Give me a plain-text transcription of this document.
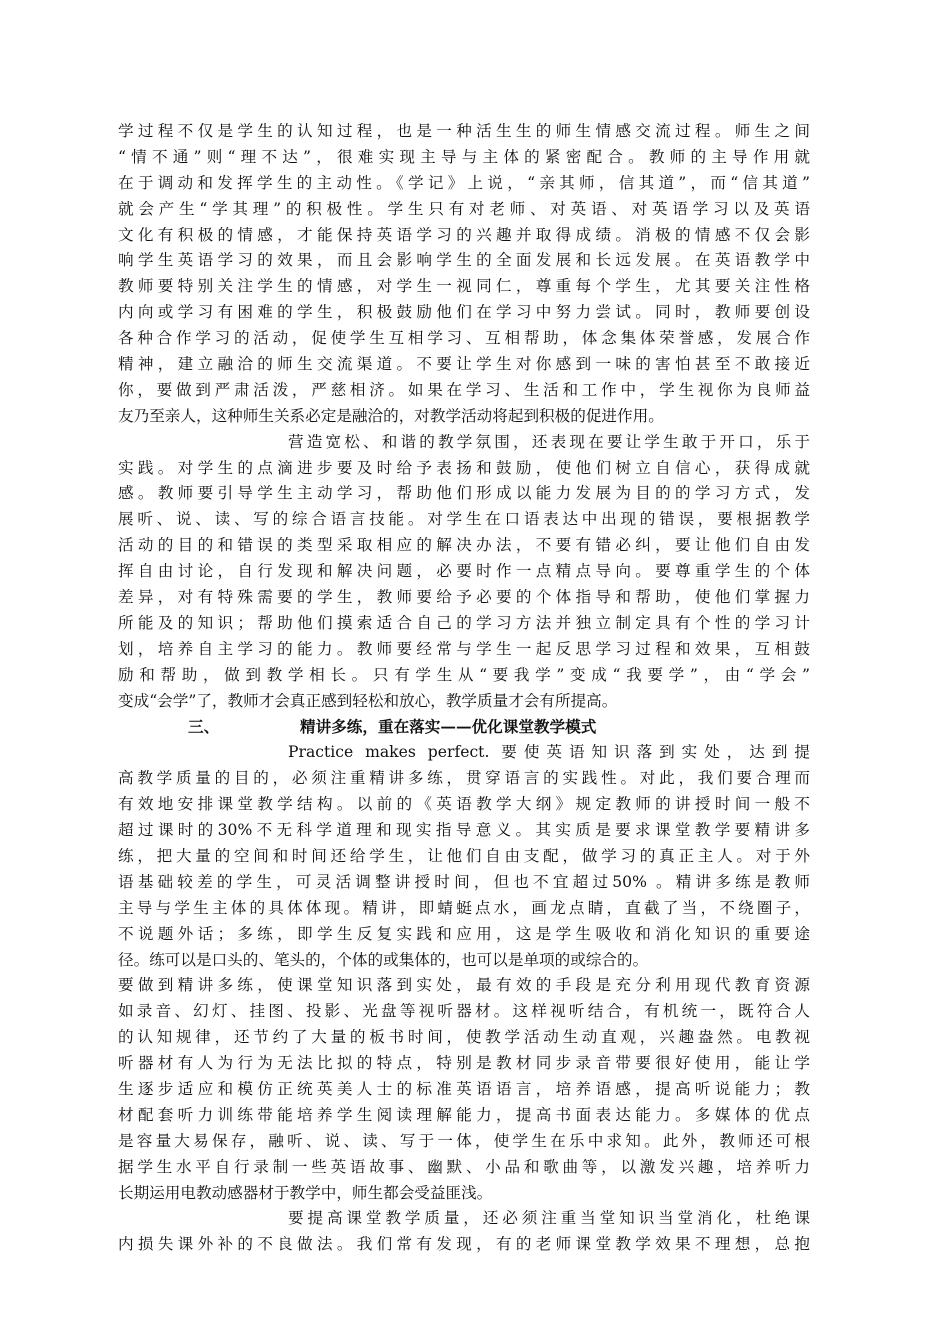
学过程不仅是学生的认知过程，也是一种活生生的师生情感交流过程。师生之间
“情不通”则“理不达”，很难实现主导与主体的紧密配合。教师的主导作用就
在于调动和发挥学生的主动性。《学记》上说，“亲其师，信其道”，而“信其道”
就会产生“学其理”的积极性。学生只有对老师、对英语、对英语学习以及英语
文化有积极的情感，才能保持英语学习的兴趣并取得成绩。消极的情感不仅会影
响学生英语学习的效果，而且会影响学生的全面发展和长远发展。在英语教学中
教师要特别关注学生的情感，对学生一视同仁，尊重每个学生，尤其要关注性格
内向或学习有困难的学生，积极鼓励他们在学习中努力尝试。同时，教师要创设
各种合作学习的活动，促使学生互相学习、互相帮助，体念集体荣誉感，发展合作
精神，建立融洽的师生交流渠道。不要让学生对你感到一味的害怕甚至不敢接近
你，要做到严肃活泼，严慈相济。如果在学习、生活和工作中，学生视你为良师益
友乃至亲人，这种师生关系必定是融洽的，对教学活动将起到积极的促进作用。
营造宽松、和谐的教学氛围，还表现在要让学生敢于开口，乐于
实践。对学生的点滴进步要及时给予表扬和鼓励，使他们树立自信心，获得成就
感。教师要引导学生主动学习，帮助他们形成以能力发展为目的的学习方式，发
展听、说、读、写的综合语言技能。对学生在口语表达中出现的错误，要根据教学
活动的目的和错误的类型采取相应的解决办法，不要有错必纠，要让他们自由发
挥自由讨论，自行发现和解决问题，必要时作一点精点导向。要尊重学生的个体
差异，对有特殊需要的学生，教师要给予必要的个体指导和帮助，使他们掌握力
所能及的知识；帮助他们摸索适合自己的学习方法并独立制定具有个性的学习计
划，培养自主学习的能力。教师要经常与学生一起反思学习过程和效果，互相鼓
励和帮助，做到教学相长。只有学生从“要我学”变成“我要学”，由“学会”
变成“会学”了，教师才会真正感到轻松和放心，教学质量才会有所提高。
三、	精讲多练，重在落实——优化课堂教学模式
Practice makes perfect. 要使英语知识落到实处，达到提
高教学质量的目的，必须注重精讲多练，贯穿语言的实践性。对此，我们要合理而
有效地安排课堂教学结构。以前的《英语教学大纲》规定教师的讲授时间一般不
超过课时的30%不无科学道理和现实指导意义。其实质是要求课堂教学要精讲多
练，把大量的空间和时间还给学生，让他们自由支配，做学习的真正主人。对于外
语基础较差的学生，可灵活调整讲授时间，但也不宜超过50% 。精讲多练是教师
主导与学生主体的具体体现。精讲，即蜻蜓点水，画龙点睛，直截了当，不绕圈子，
不说题外话；多练，即学生反复实践和应用，这是学生吸收和消化知识的重要途
径。练可以是口头的、笔头的，个体的或集体的，也可以是单项的或综合的。
要做到精讲多练，使课堂知识落到实处，最有效的手段是充分利用现代教育资源
如录音、幻灯、挂图、投影、光盘等视听器材。这样视听结合，有机统一，既符合人
的认知规律，还节约了大量的板书时间，使教学活动生动直观，兴趣盎然。电教视
听器材有人为行为无法比拟的特点，特别是教材同步录音带要很好使用，能让学
生逐步适应和模仿正统英美人士的标准英语语言，培养语感，提高听说能力；教
材配套听力训练带能培养学生阅读理解能力，提高书面表达能力。多媒体的优点
是容量大易保存，融听、说、读、写于一体，使学生在乐中求知。此外，教师还可根
据学生水平自行录制一些英语故事、幽默、小品和歌曲等，以激发兴趣，培养听力
长期运用电教动感器材于教学中，师生都会受益匪浅。
要提高课堂教学质量，还必须注重当堂知识当堂消化，杜绝课
内损失课外补的不良做法。我们常有发现，有的老师课堂教学效果不理想，总抱
